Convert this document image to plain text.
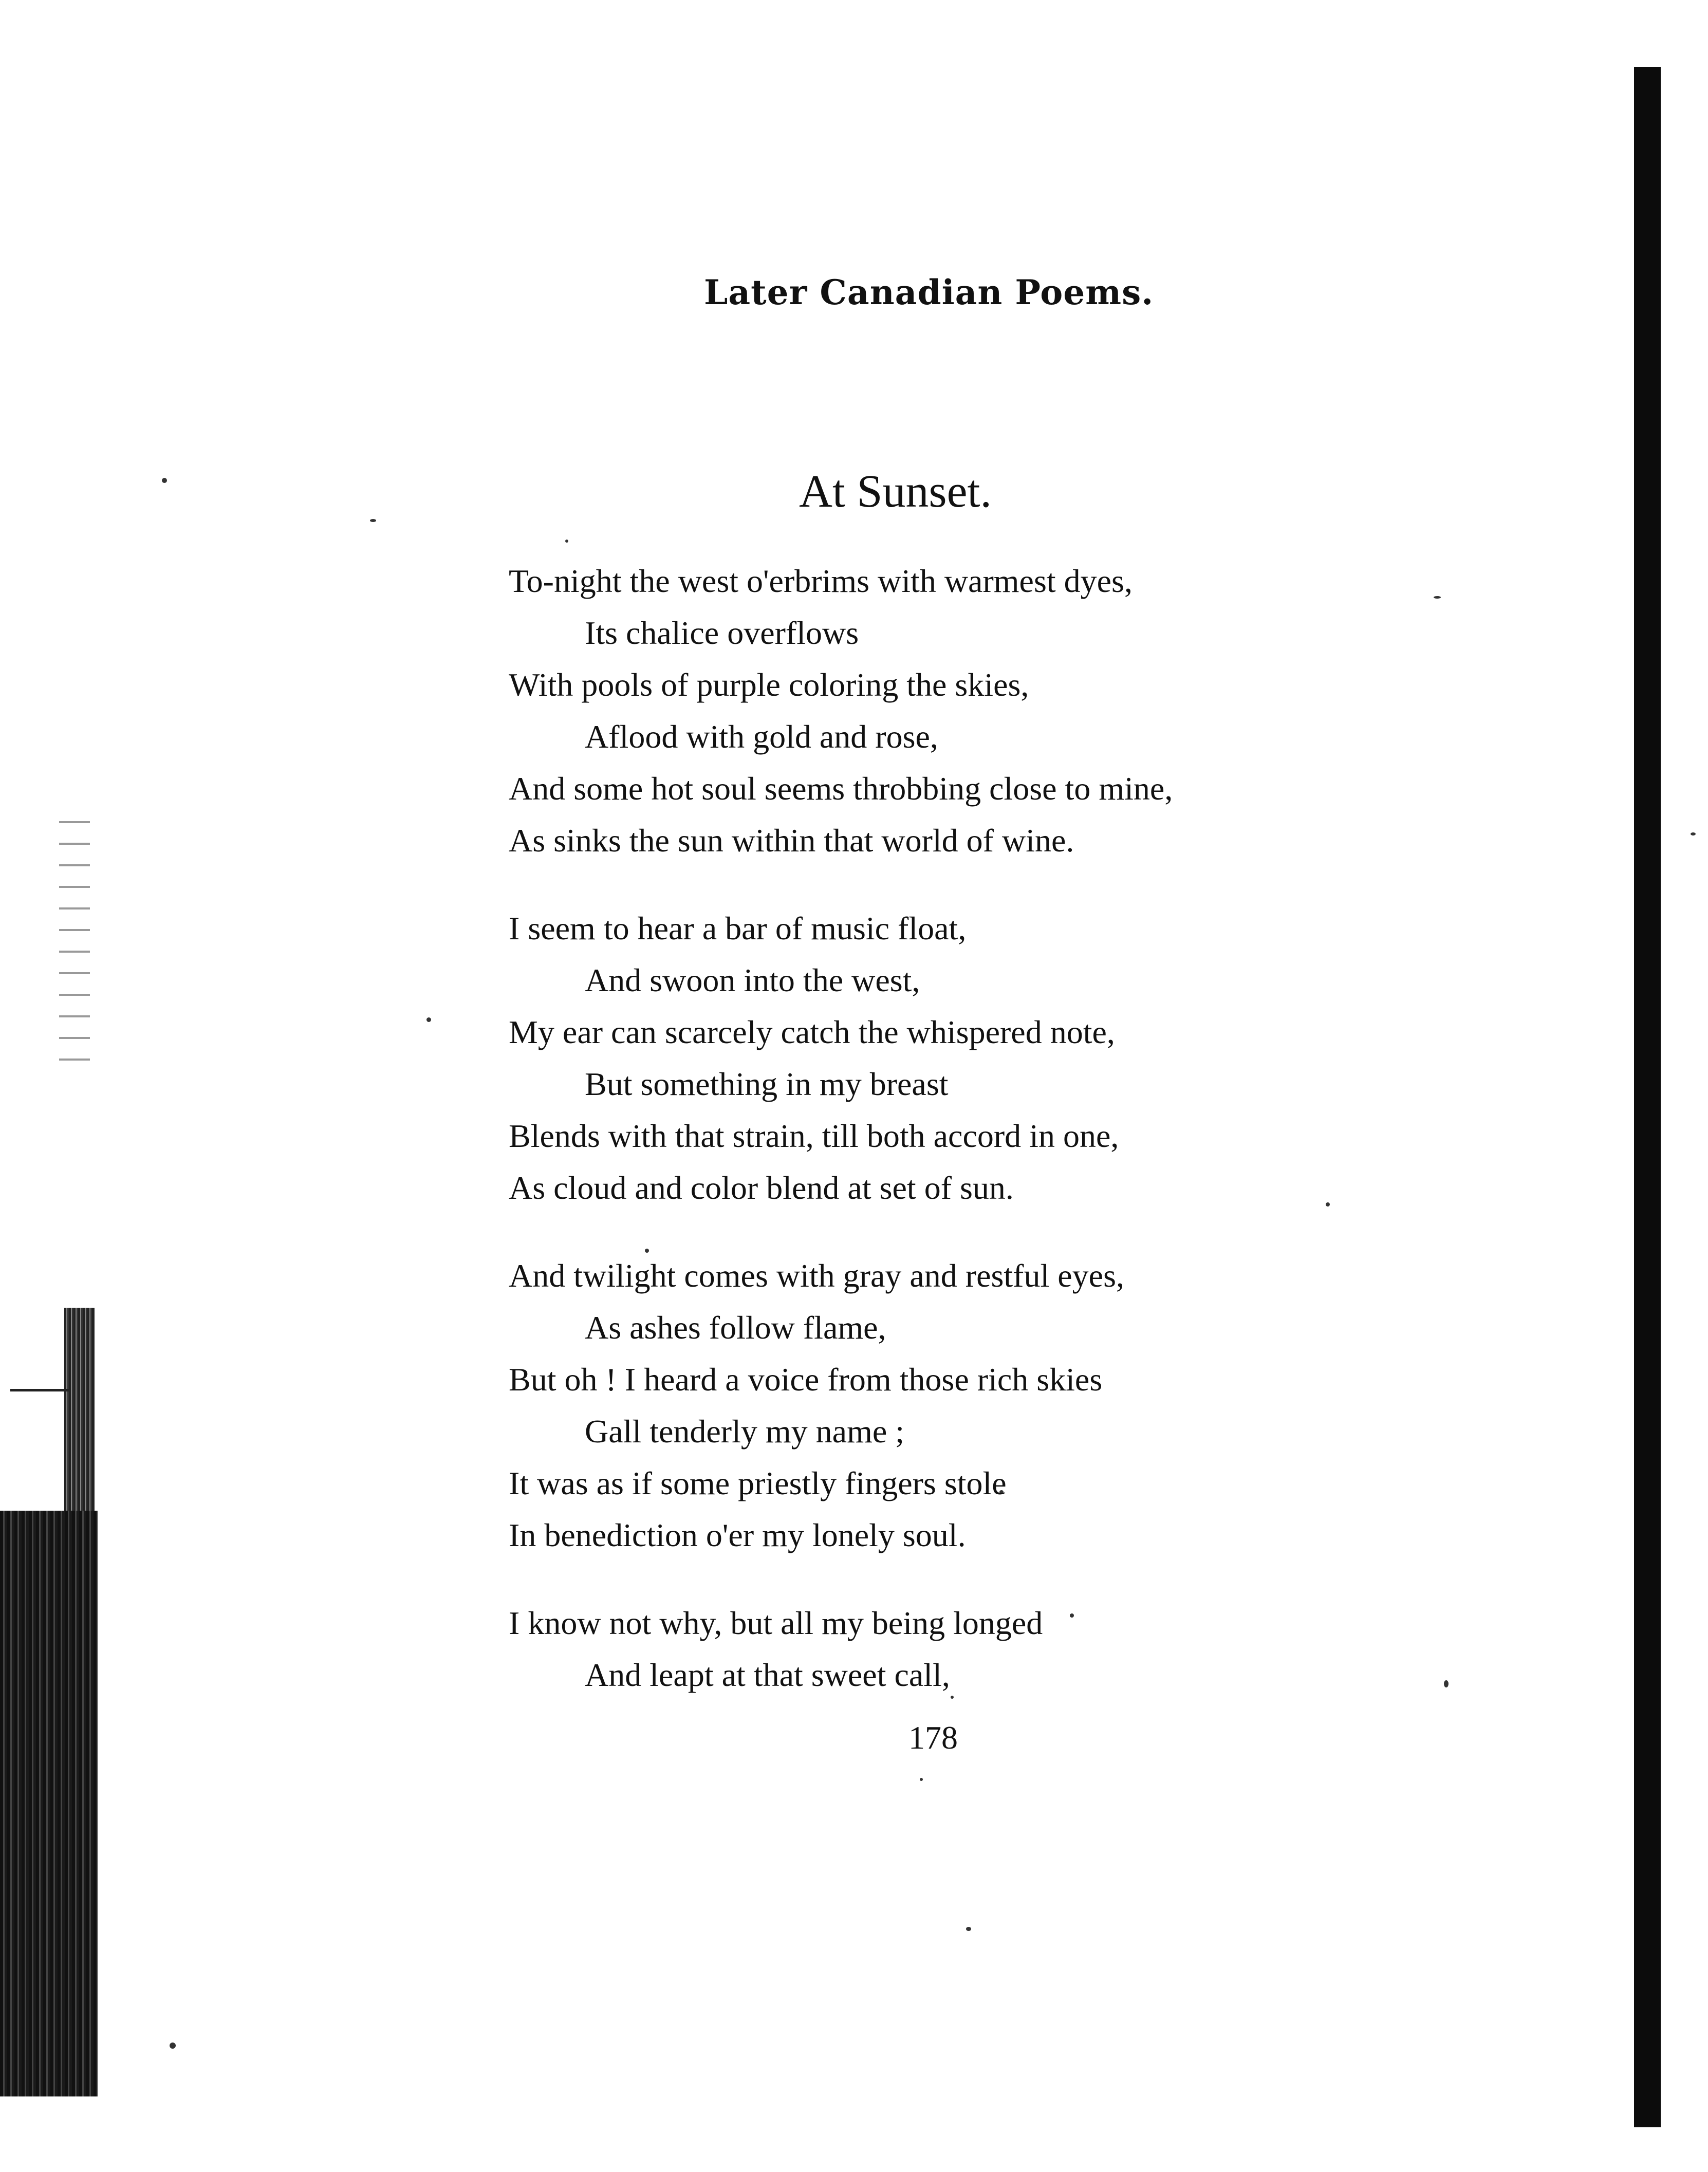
Later Canadian Poems.
At Sunset.
To-night the west o'erbrims with warmest dyes,
Its chalice overflows
With pools of purple coloring the skies,
Aflood with gold and rose,
And some hot soul seems throbbing close to mine,
As sinks the sun within that world of wine.
I seem to hear a bar of music float,
And swoon into the west,
My ear can scarcely catch the whispered note,
But something in my breast
Blends with that strain, till both accord in one,
As cloud and color blend at set of sun.
And twilight comes with gray and restful eyes,
As ashes follow flame,
But oh ! I heard a voice from those rich skies
Gall tenderly my name ;
It was as if some priestly fingers stole
In benediction o'er my lonely soul.
I know not why, but all my being longed
And leapt at that sweet call,
178
